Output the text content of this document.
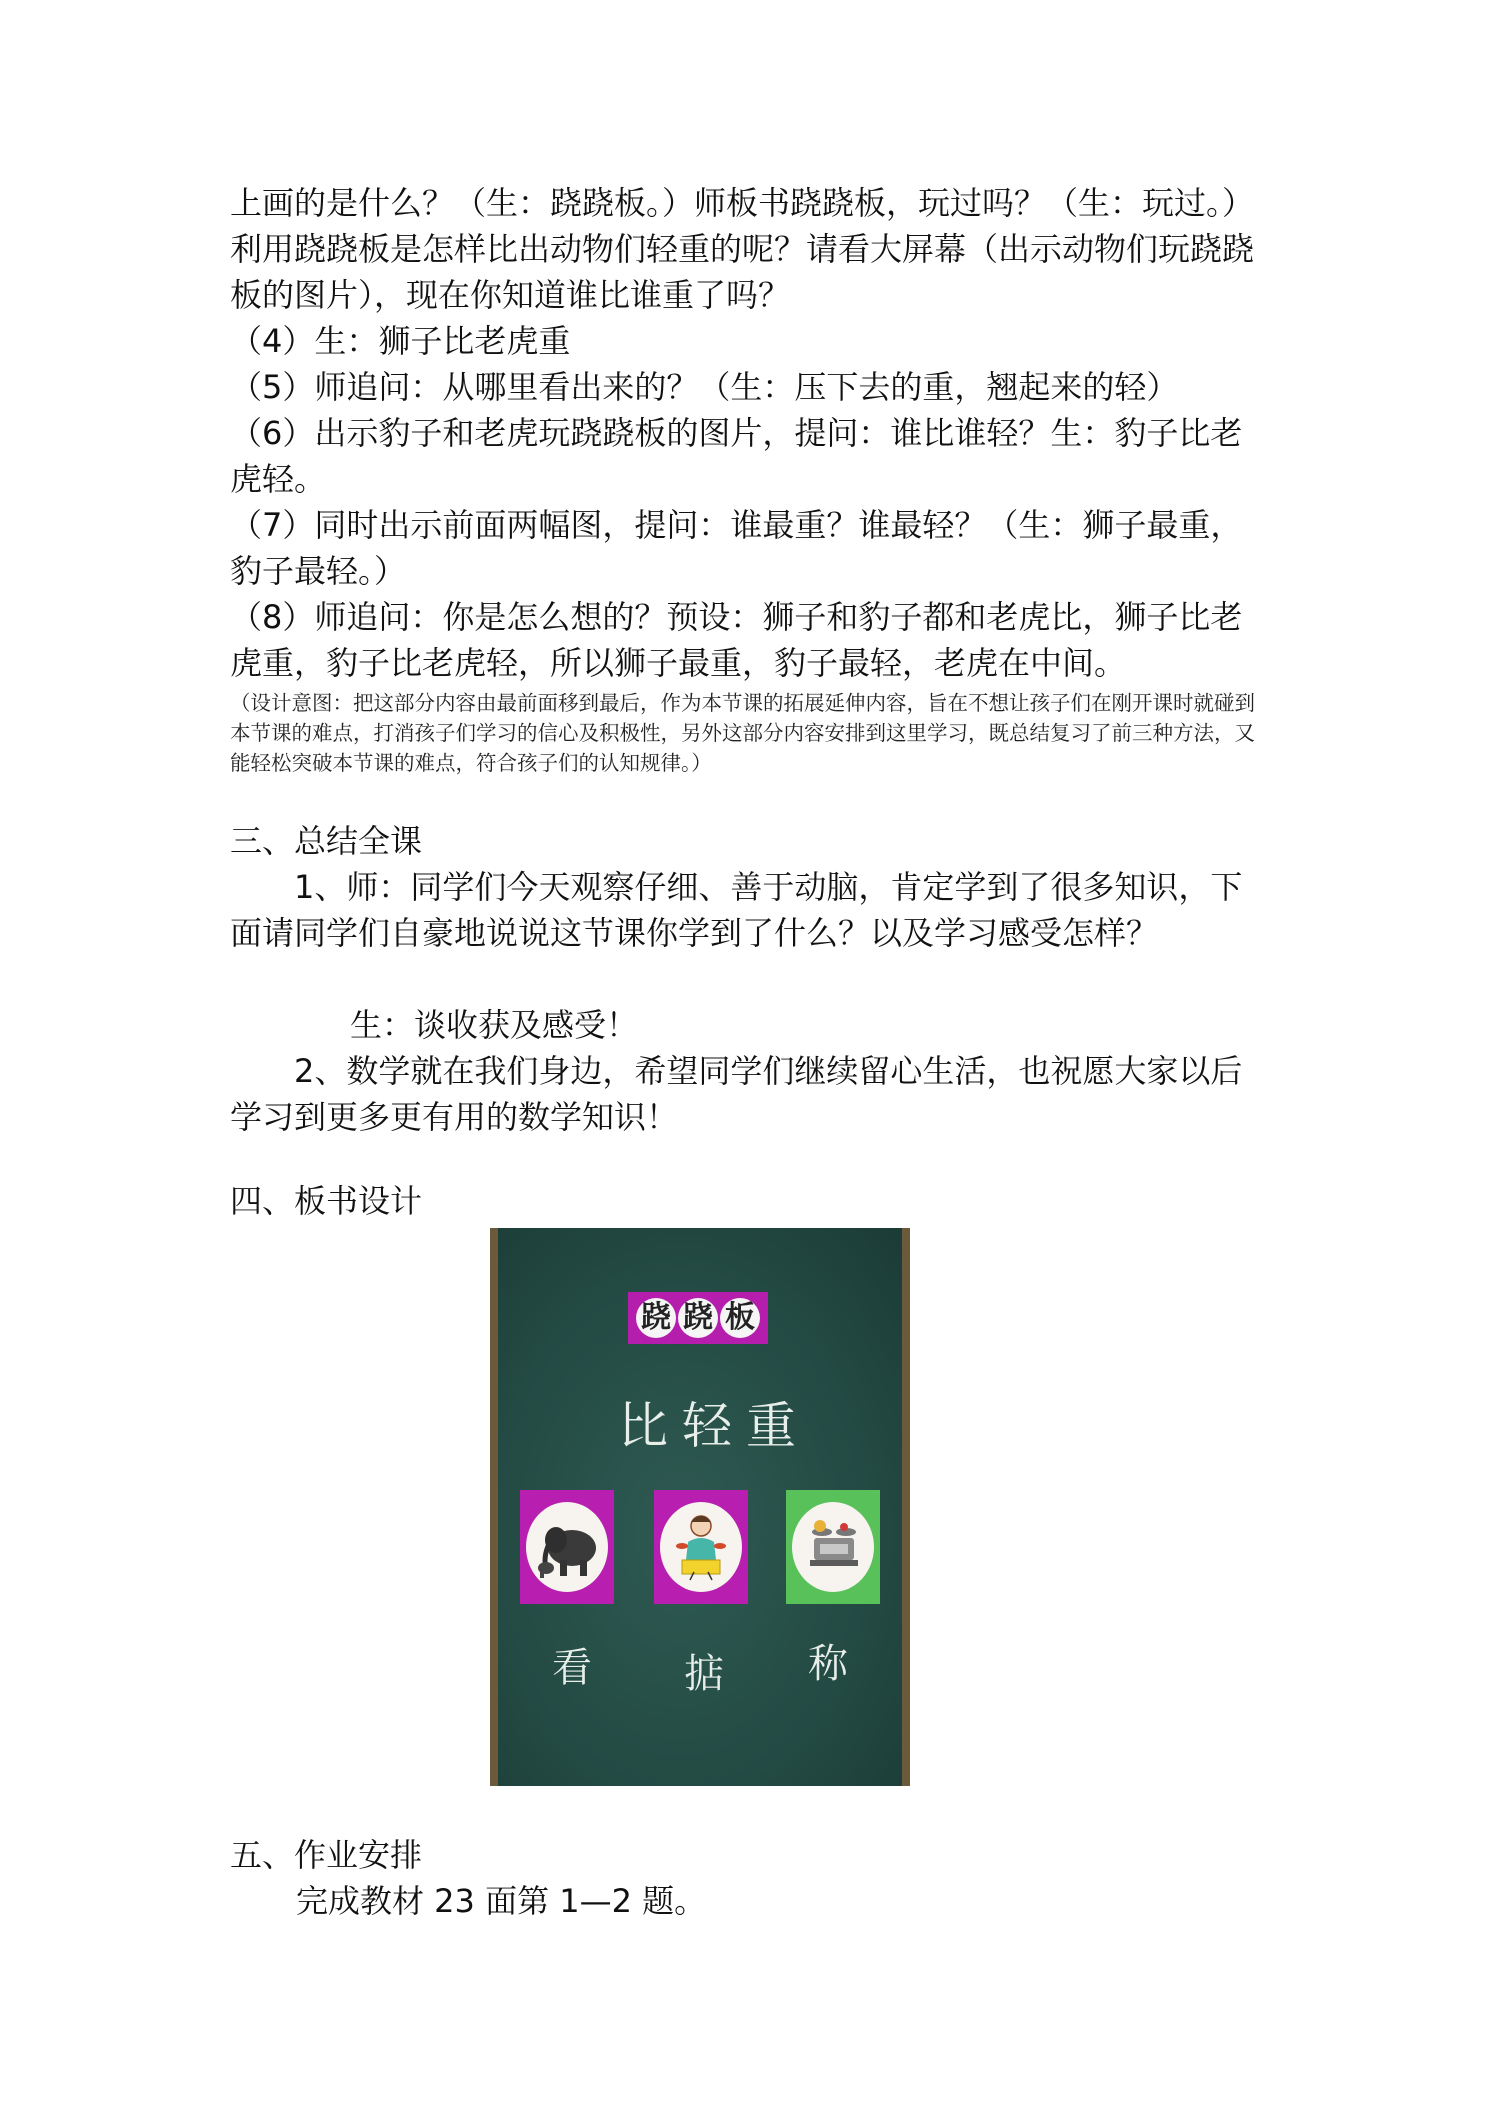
上画的是什么？（生：跷跷板。）师板书跷跷板，玩过吗？（生：玩过。）利用跷跷板是怎样比出动物们轻重的呢？请看大屏幕（出示动物们玩跷跷板的图片），现在你知道谁比谁重了吗？

（4）生：狮子比老虎重

（5）师追问：从哪里看出来的？（生：压下去的重，翘起来的轻）

（6）出示豹子和老虎玩跷跷板的图片，提问：谁比谁轻？生：豹子比老虎轻。

（7）同时出示前面两幅图，提问：谁最重？谁最轻？（生：狮子最重，豹子最轻。）

（8）师追问：你是怎么想的？预设：狮子和豹子都和老虎比，狮子比老虎重，豹子比老虎轻，所以狮子最重，豹子最轻，老虎在中间。

（设计意图：把这部分内容由最前面移到最后，作为本节课的拓展延伸内容，旨在不想让孩子们在刚开课时就碰到本节课的难点，打消孩子们学习的信心及积极性，另外这部分内容安排到这里学习，既总结复习了前三种方法，又能轻松突破本节课的难点，符合孩子们的认知规律。）

三、总结全课

1、师：同学们今天观察仔细、善于动脑，肯定学到了很多知识，下面请同学们自豪地说说这节课你学到了什么？以及学习感受怎样？

生：谈收获及感受！

2、数学就在我们身边，希望同学们继续留心生活，也祝愿大家以后学习到更多更有用的数学知识！

四、板书设计

跷 跷 板
比轻重
看 掂 称

五、作业安排

完成教材 23 面第 1—2 题。
